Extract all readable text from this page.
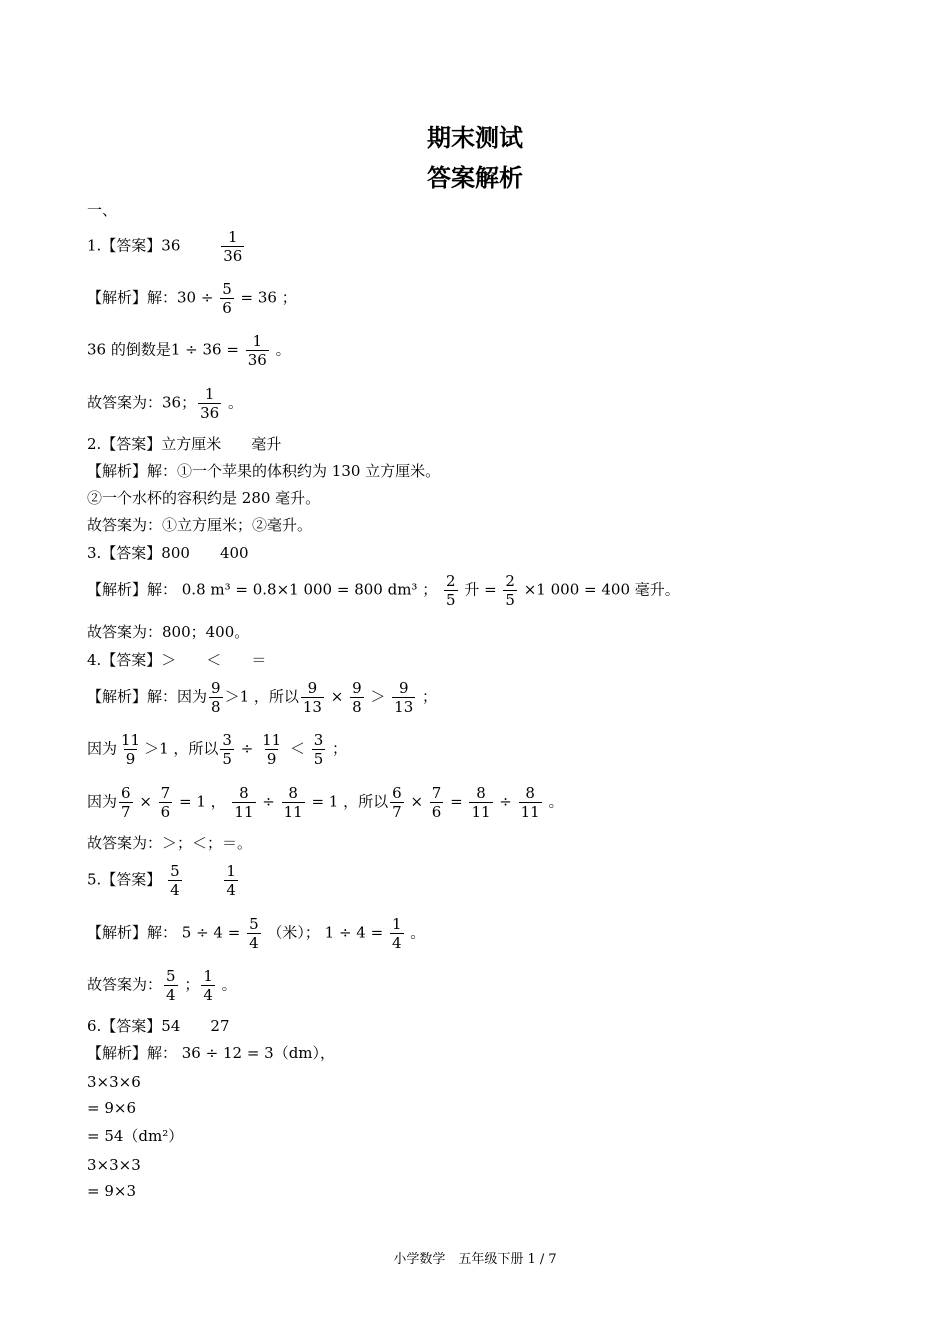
期末测试
答案解析
一、
1.【答案】36	$\frac{1}{36}$
【解析】解：$30 \div \frac{5}{6} = 36$ ；
36 的倒数是$1 \div 36 = \frac{1}{36}$ 。
故答案为：36； $\frac{1}{36}$ 。
2.【答案】立方厘米　　毫升
【解析】解：①一个苹果的体积约为 130 立方厘米。
②一个水杯的容积约是 280 毫升。
故答案为：①立方厘米；②毫升。
3.【答案】800　　400
【解析】解： 0.8 m³ = 0.8×1 000 = 800 dm³ ； $\frac{2}{5}$ 升 = $\frac{2}{5} \times 1$ 000 = 400 毫升。
故答案为：800；400。
4.【答案】＞　　＜　　＝
【解析】解：因为 $\frac{9}{8} >1$ ，所以 $\frac{9}{13} \times \frac{9}{8} > \frac{9}{13}$ ；
因为 $\frac{11}{9} >1$ ，所以 $\frac{3}{5} \div \frac{11}{9} < \frac{3}{5}$ ；
因为 $\frac{6}{7} \times \frac{7}{6} = 1$ ， $\frac{8}{11} \div \frac{8}{11} = 1$ ，所以 $\frac{6}{7} \times \frac{7}{6} = \frac{8}{11} \div \frac{8}{11}$ 。
故答案为：＞；＜；＝。
5.【答案】 $\frac{5}{4}$
	$\frac{1}{4}$
【解析】解： $5 \div 4 = \frac{5}{4}$ （米）； $1 \div 4 = \frac{1}{4}$ 。
故答案为： $\frac{5}{4}$ ； $\frac{1}{4}$ 。
6.【答案】54　　27
【解析】解： 36 ÷ 12 = 3（dm），
3×3×6
= 9×6
= 54（dm²）
3×3×3
= 9×3
小学数学　五年级下册 1 / 7
